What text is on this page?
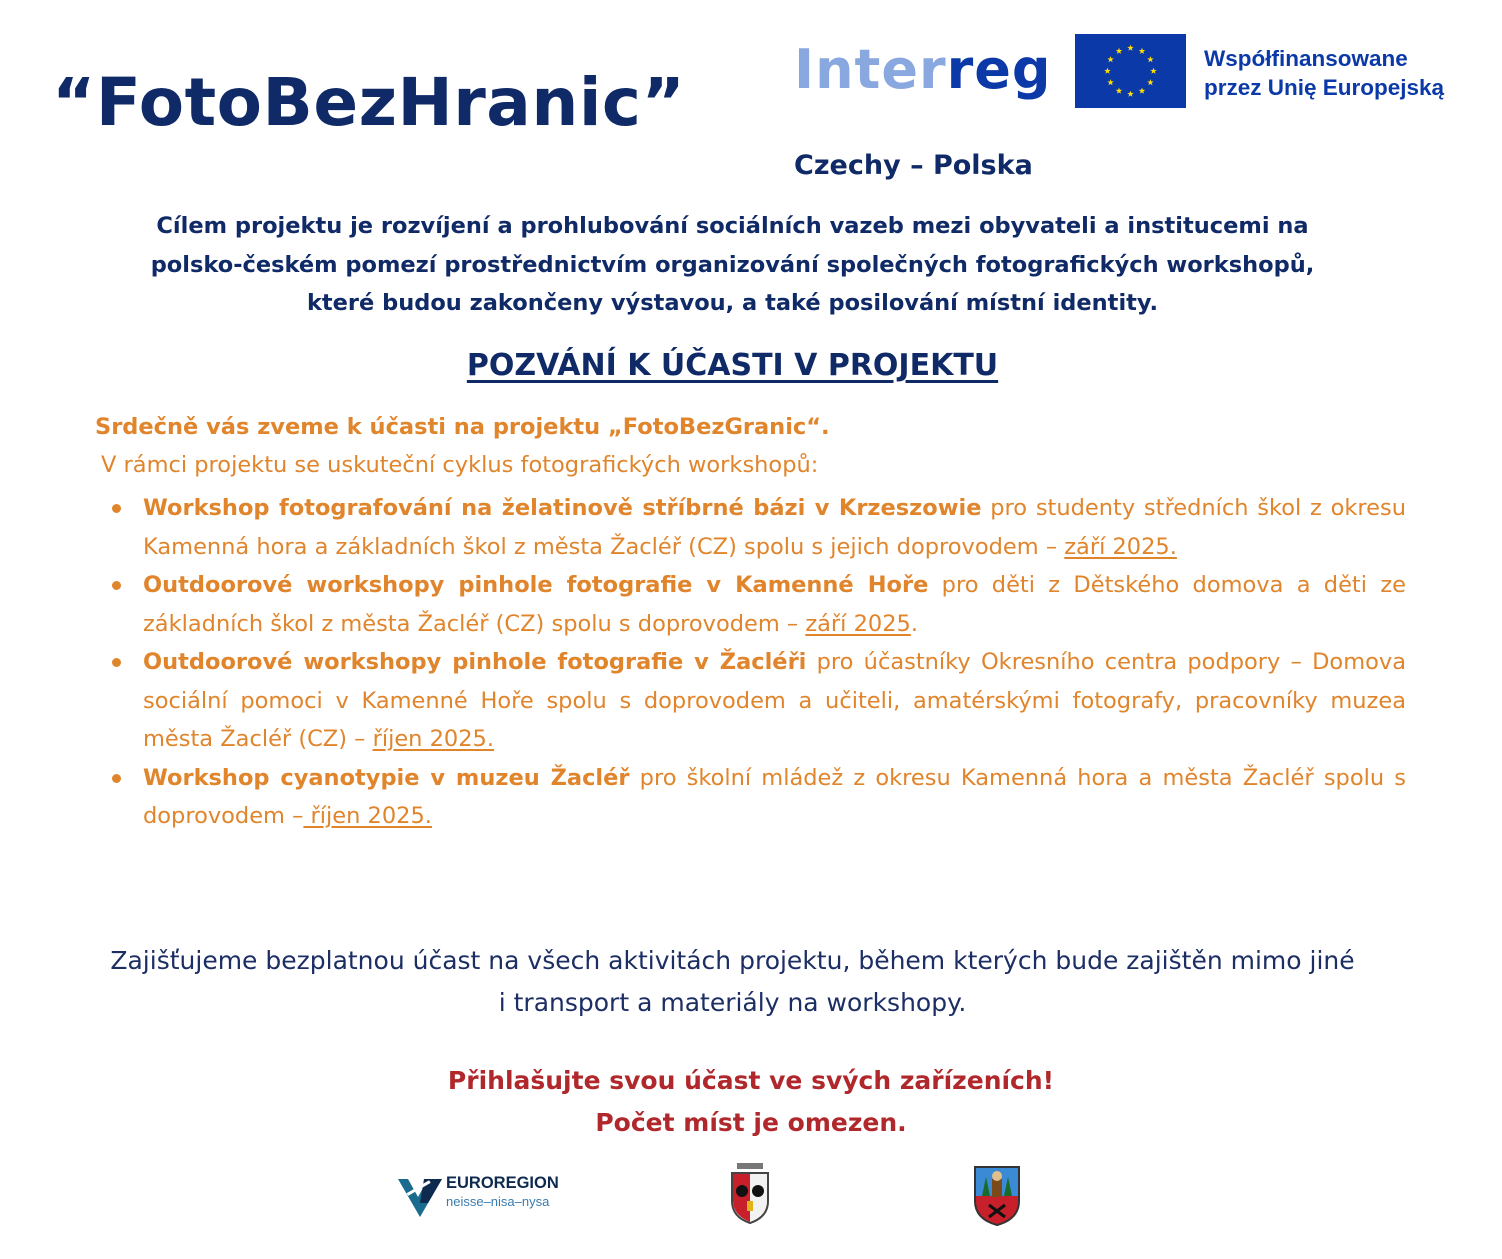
“FotoBezHranic” Interreg	Współfinansowane
przez Unię Europejską
Czechy – Polska

Cílem projektu je rozvíjení a prohlubování sociálních vazeb mezi obyvateli a institucemi na
polsko-českém pomezí prostřednictvím organizování společných fotografických workshopů,
které budou zakončeny výstavou, a také posilování místní identity.

POZVÁNÍ K ÚČASTI V PROJEKTU

Srdečně vás zveme k účasti na projektu „FotoBezGranic“.

V rámci projektu se uskuteční cyklus fotografických workshopů:

Workshop fotografování na želatinově stříbrné bázi v Krzeszowie pro studenty středních škol z okresu Kamenná hora a základních škol z města Žacléř (CZ) spolu s jejich doprovodem – září 2025.
Outdoorové workshopy pinhole fotografie v Kamenné Hoře pro děti z Dětského domova a děti ze základních škol z města Žacléř (CZ) spolu s doprovodem – září 2025.
Outdoorové workshopy pinhole fotografie v Žacléři pro účastníky Okresního centra podpory – Domova sociální pomoci v Kamenné Hoře spolu s doprovodem a učiteli, amatérskými fotografy, pracovníky muzea města Žacléř (CZ) – říjen 2025.
Workshop cyanotypie v muzeu Žacléř pro školní mládež z okresu Kamenná hora a města Žacléř spolu s doprovodem – říjen 2025.

Zajišťujeme bezplatnou účast na všech aktivitách projektu, během kterých bude zajištěn mimo jiné
i transport a materiály na workshopy.

Přihlašujte svou účast ve svých zařízeních!
Počet míst je omezen.

EUROREGION
neisse–nisa–nysa
